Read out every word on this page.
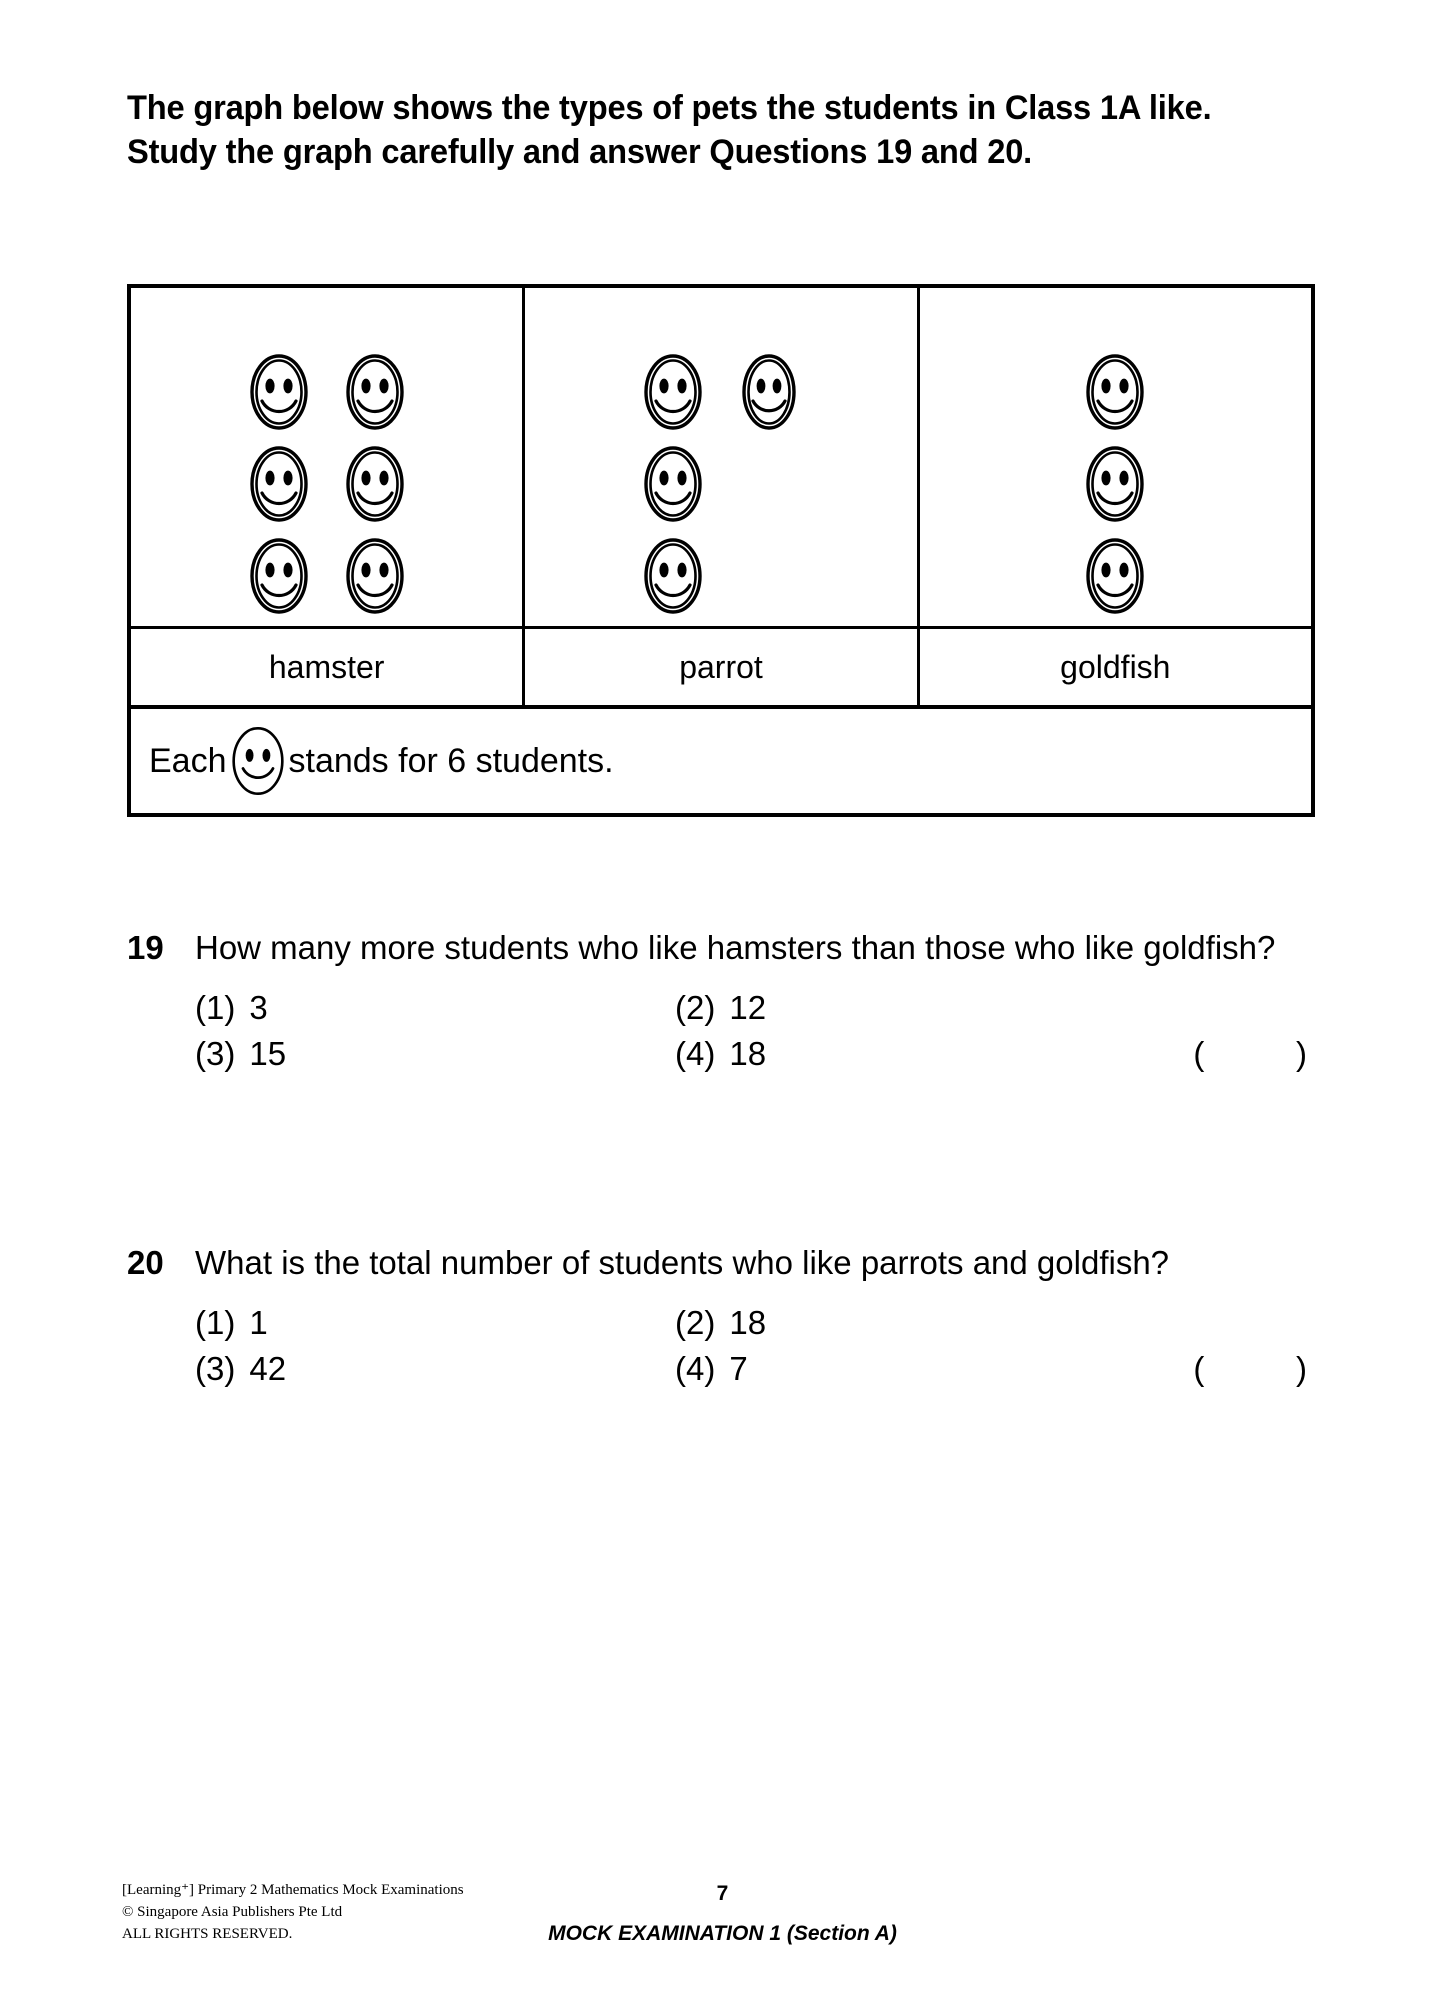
The graph below shows the types of pets the students in Class 1A like. Study the graph carefully and answer Questions 19 and 20.
hamster	parrot	goldfish
Each stands for 6 students.
19 How many more students who like hamsters than those who like goldfish?
(1) 3	(2) 12
(3) 15	(4) 18	(          )
20 What is the total number of students who like parrots and goldfish?
(1) 1	(2) 18
(3) 42	(4) 7	(          )
[Learning⁺] Primary 2 Mathematics Mock Examinations
© Singapore Asia Publishers Pte Ltd
ALL RIGHTS RESERVED.
7
MOCK EXAMINATION 1 (Section A)
